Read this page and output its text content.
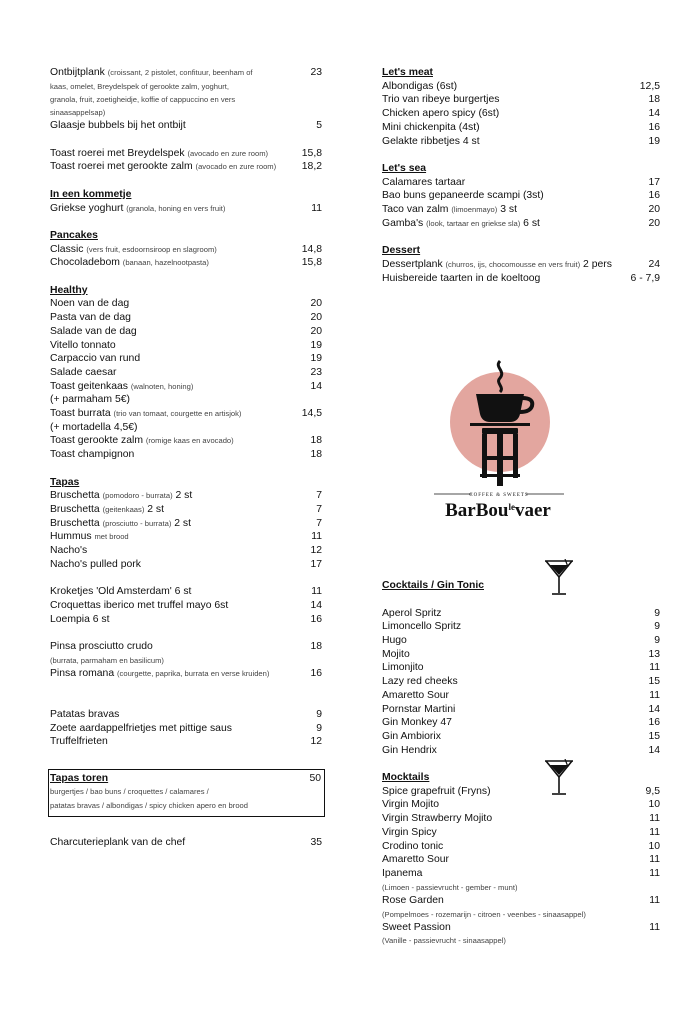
Ontbijtplank (croissant, 2 pistolet, confituur, beenham of	23
kaas, omelet, Breydelspek of gerookte zalm, yoghurt,
granola, fruit, zoetigheidje, koffie of cappuccino en vers
sinaasappelsap)
Glaasje bubbels bij het ontbijt	5
Toast roerei met Breydelspek (avocado en zure room)	15,8
Toast roerei met gerookte zalm (avocado en zure room)	18,2
In een kommetje
Griekse yoghurt (granola, honing en vers fruit)	11
Pancakes
Classic (vers fruit, esdoornsiroop en slagroom)	14,8
Chocoladebom (banaan, hazelnootpasta)	15,8
Healthy
Noen van de dag	20
Pasta van de dag	20
Salade van de dag	20
Vitello tonnato	19
Carpaccio van rund	19
Salade caesar	23
Toast geitenkaas (walnoten, honing)	14
(+ parmaham 5€)
Toast burrata (trio van tomaat, courgette en artisjok)	14,5
(+ mortadella 4,5€)
Toast gerookte zalm (romige kaas en avocado)	18
Toast champignon	18
Tapas
Bruschetta (pomodoro - burrata) 2 st	7
Bruschetta (geitenkaas) 2 st	7
Bruschetta (prosciutto - burrata) 2 st	7
Hummus met brood	11
Nacho's	12
Nacho's pulled pork	17
Kroketjes 'Old Amsterdam' 6 st	11
Croquettas iberico met truffel mayo 6st	14
Loempia 6 st	16
Pinsa prosciutto crudo	18
(burrata, parmaham en basilicum)
Pinsa romana (courgette, paprika, burrata en verse kruiden)	16
Patatas bravas	9
Zoete aardappelfrietjes met pittige saus	9
Truffelfrieten	12
Tapas toren	50
burgertjes / bao buns / croquettes / calamares /
patatas bravas / albondigas / spicy chicken apero en brood
Charcuterieplank van de chef	35
Let's meat
Albondigas (6st)	12,5
Trio van ribeye burgertjes	18
Chicken apero spicy (6st)	14
Mini chickenpita (4st)	16
Gelakte ribbetjes 4 st	19
Let's sea
Calamares tartaar	17
Bao buns gepaneerde scampi (3st)	16
Taco van zalm (limoenmayo) 3 st	20
Gamba's (look, tartaar en griekse sla) 6 st	20
Dessert
Dessertplank (churros, ijs, chocomousse en vers fruit) 2 pers	24
Huisbereide taarten in de koeltoog	6 - 7,9
Cocktails / Gin Tonic
Aperol Spritz	9
Limoncello Spritz	9
Hugo	9
Mojito	13
Limonjito	11
Lazy red cheeks	15
Amaretto Sour	11
Pornstar Martini	14
Gin Monkey 47	16
Gin Ambiorix	15
Gin Hendrix	14
Mocktails
Spice grapefruit (Fryns)	9,5
Virgin Mojito	10
Virgin Strawberry Mojito	11
Virgin Spicy	11
Crodino tonic	10
Amaretto Sour	11
Ipanema	11
(Limoen - passievrucht - gember - munt)
Rose Garden	11
(Pompelmoes - rozemarijn - citroen - veenbes - sinaasappel)
Sweet Passion	11
(Vanille - passievrucht - sinaasappel)
COFFEE & SWEETS
BarBou$^{le}$vaer
